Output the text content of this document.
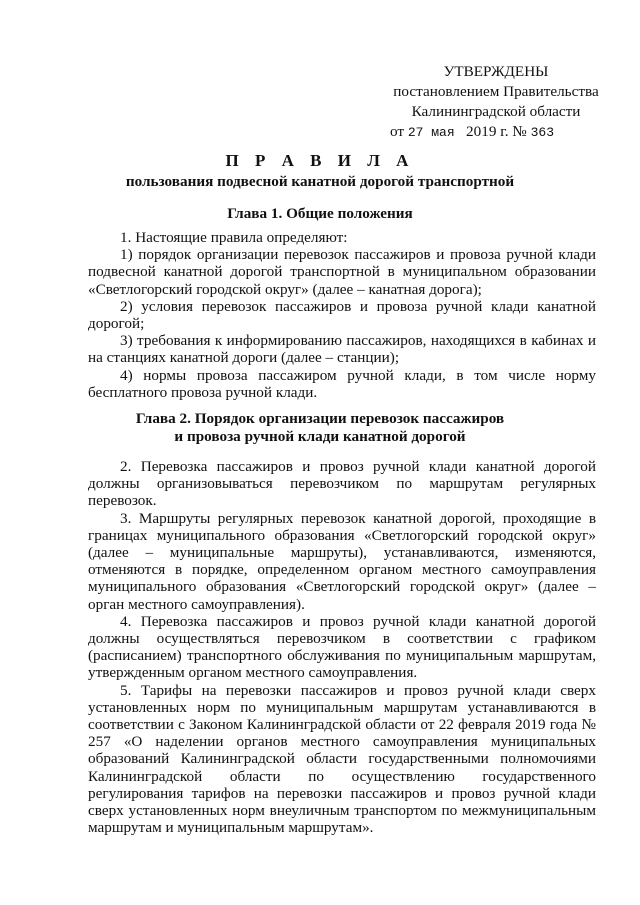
УТВЕРЖДЕНЫ
постановлением Правительства
Калининградской области
от 27 мая 2019 г. № 363
П Р А В И Л А
пользования подвесной канатной дорогой транспортной
Глава 1. Общие положения

1. Настоящие правила определяют:

1) порядок организации перевозок пассажиров и провоза ручной клади подвесной канатной дорогой транспортной в муниципальном образовании «Светлогорский городской округ» (далее – канатная дорога);

2) условия перевозок пассажиров и провоза ручной клади канатной дорогой;

3) требования к информированию пассажиров, находящихся в кабинах и на станциях канатной дороги (далее – станции);

4) нормы провоза пассажиром ручной клади, в том числе норму бесплатного провоза ручной клади.

Глава 2. Порядок организации перевозок пассажиров
и провоза ручной клади канатной дорогой

2. Перевозка пассажиров и провоз ручной клади канатной дорогой должны организовываться перевозчиком по маршрутам регулярных перевозок.

3. Маршруты регулярных перевозок канатной дорогой, проходящие в границах муниципального образования «Светлогорский городской округ» (далее – муниципальные маршруты), устанавливаются, изменяются, отменяются в порядке, определенном органом местного самоуправления муниципального образования «Светлогорский городской округ» (далее – орган местного самоуправления).

4. Перевозка пассажиров и провоз ручной клади канатной дорогой должны осуществляться перевозчиком в соответствии с графиком (расписанием) транспортного обслуживания по муниципальным маршрутам, утвержденным органом местного самоуправления.

5. Тарифы на перевозки пассажиров и провоз ручной клади сверх установленных норм по муниципальным маршрутам устанавливаются в соответствии с Законом Калининградской области от 22 февраля 2019 года № 257 «О наделении органов местного самоуправления муниципальных образований Калининградской области государственными полномочиями Калининградской области по осуществлению государственного регулирования тарифов на перевозки пассажиров и провоз ручной клади сверх установленных норм внеуличным транспортом по межмуниципальным маршрутам и муниципальным маршрутам».
